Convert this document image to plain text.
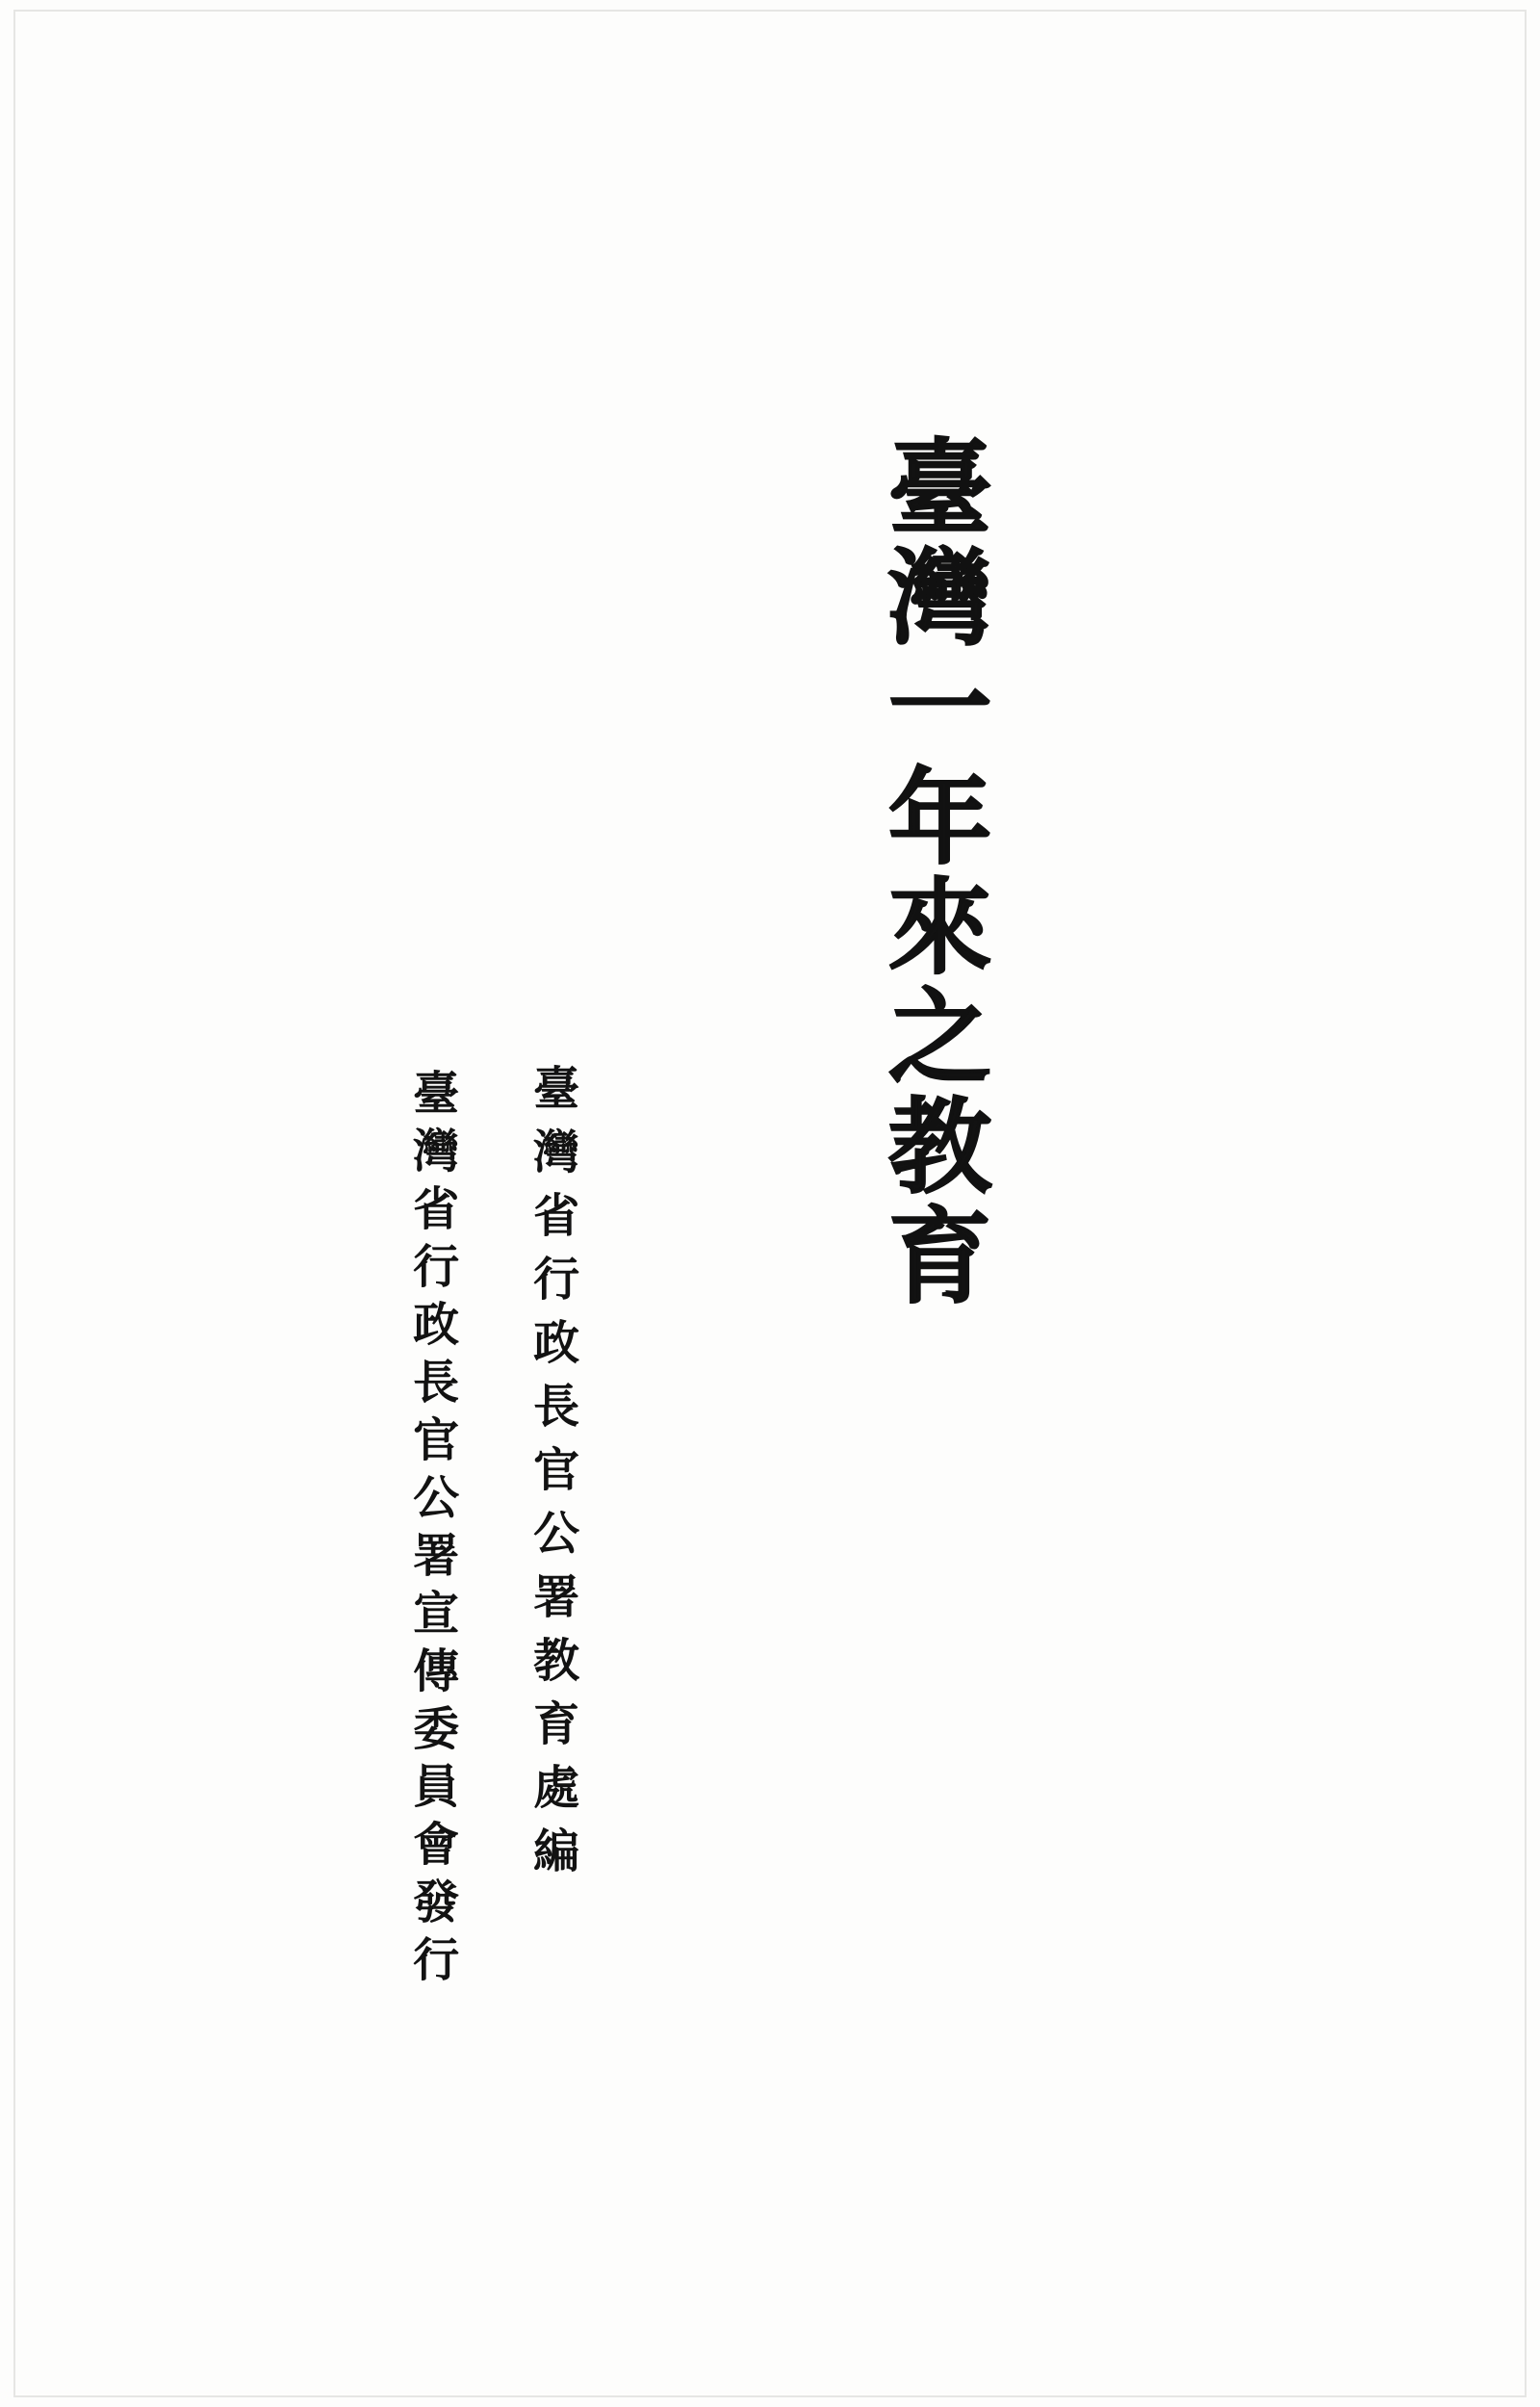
臺灣一年來之教育
臺灣省行政長官公署教育處編
臺灣省行政長官公署宣傳委員會發行
